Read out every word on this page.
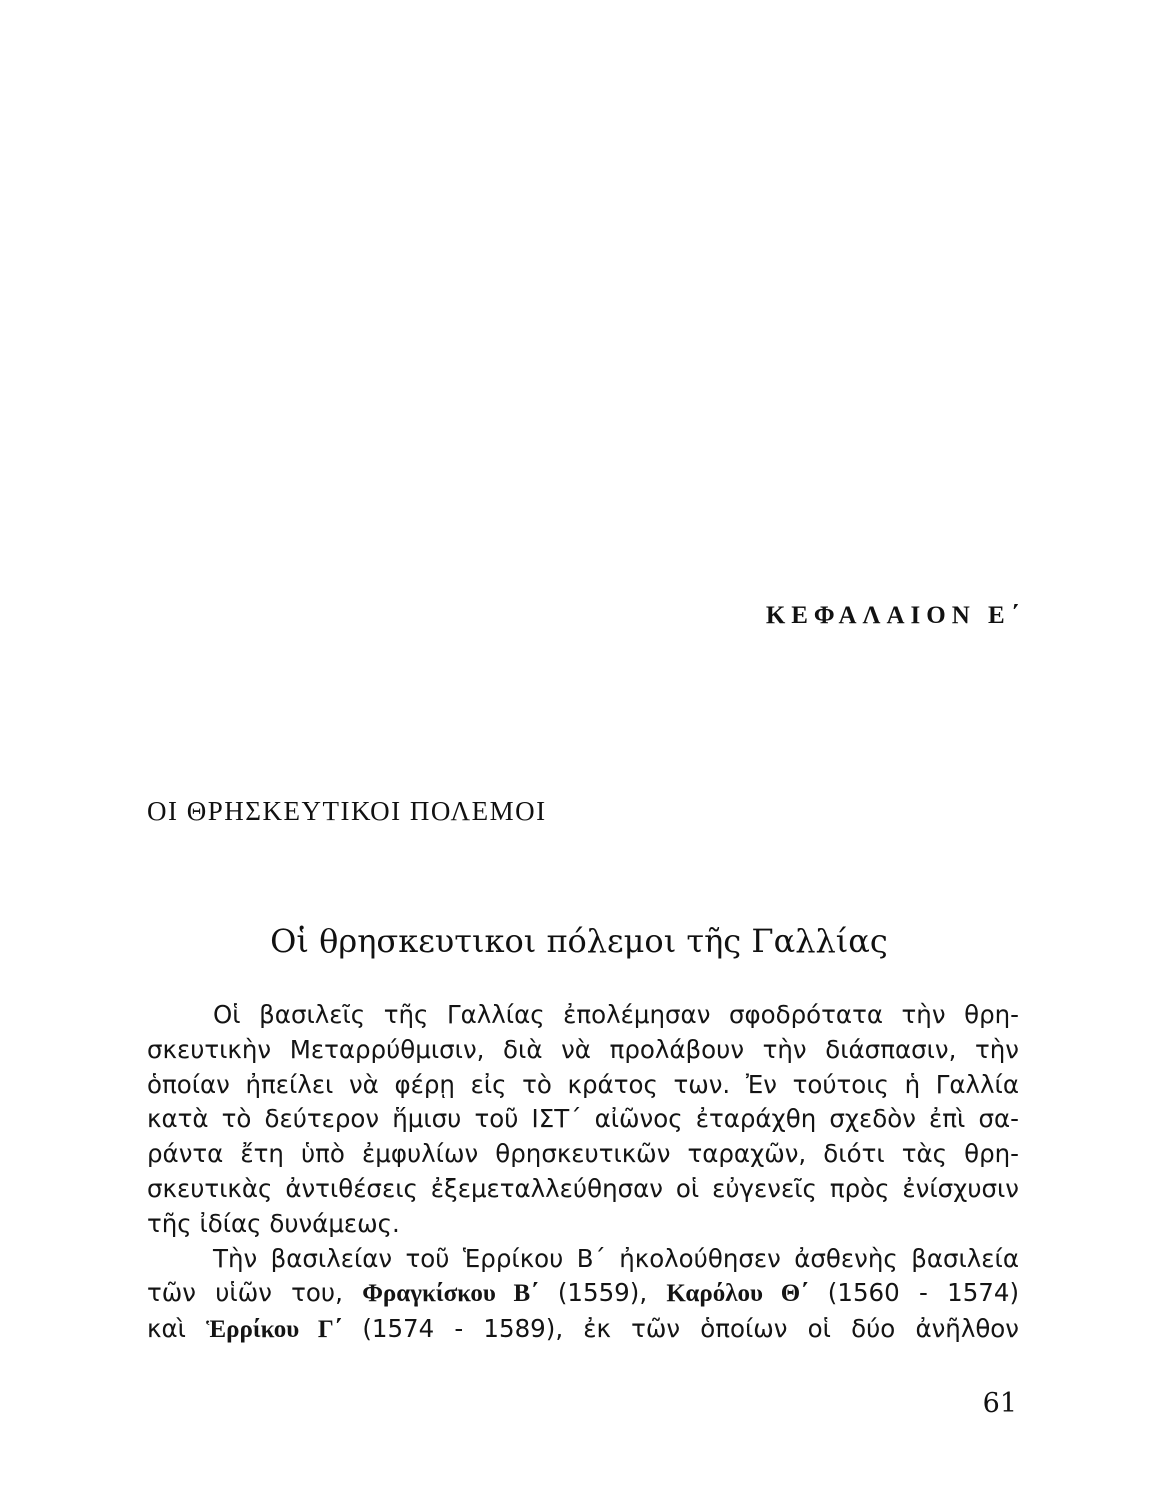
ΚΕΦΑΛΑΙΟΝ Ε΄
ΟΙ ΘΡΗΣΚΕΥΤΙΚΟΙ ΠΟΛΕΜΟΙ
Οἱ θρησκευτικοι πόλεμοι τῆς Γαλλίας
Οἱ βασιλεῖς τῆς Γαλλίας ἐπολέμησαν σφοδρότατα τὴν θρη-
σκευτικὴν Μεταρρύθμισιν, διὰ νὰ προλάβουν τὴν διάσπασιν, τὴν
ὁποίαν ἠπείλει νὰ φέρῃ εἰς τὸ κράτος των. Ἐν τούτοις ἡ Γαλλία
κατὰ τὸ δεύτερον ἥμισυ τοῦ ΙΣΤ΄ αἰῶνος ἐταράχθη σχεδὸν ἐπὶ σα-
ράντα ἔτη ὑπὸ ἐμφυλίων θρησκευτικῶν ταραχῶν, διότι τὰς θρη-
σκευτικὰς ἀντιθέσεις ἐξεμεταλλεύθησαν οἱ εὐγενεῖς πρὸς ἐνίσχυσιν
τῆς ἰδίας δυνάμεως.
Τὴν βασιλείαν τοῦ Ἑρρίκου Β΄ ἠκολούθησεν ἀσθενὴς βασιλεία
τῶν υἱῶν του, Φραγκίσκου Β΄ (1559), Καρόλου Θ΄ (1560 - 1574)
καὶ Ἑρρίκου Γ΄ (1574 - 1589), ἐκ τῶν ὁποίων οἱ δύο ἀνῆλθον
61
